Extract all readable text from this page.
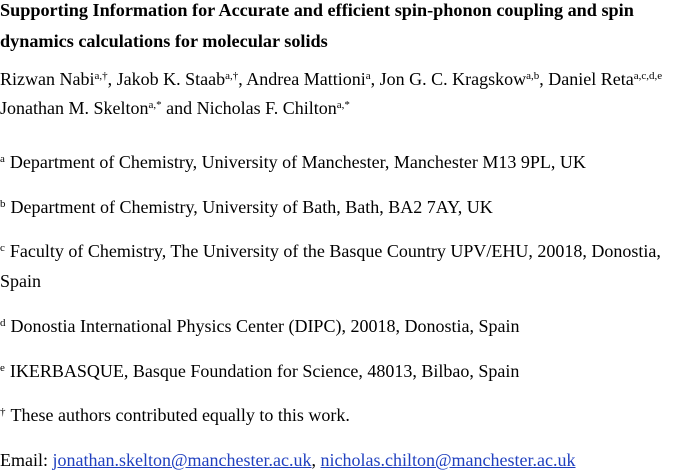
Supporting Information for Accurate and efficient spin-phonon coupling and spin

dynamics calculations for molecular solids

Rizwan Nabi$^{a,\dagger}$, Jakob K. Staab$^{a,\dagger}$, Andrea Mattioni$^a$, Jon G. C. Kragskow$^{a,b}$, Daniel Reta$^{a,c,d,e}$

Jonathan M. Skelton$^{a,*}$ and Nicholas F. Chilton$^{a,*}$

$^a$ Department of Chemistry, University of Manchester, Manchester M13 9PL, UK

$^b$ Department of Chemistry, University of Bath, Bath, BA2 7AY, UK

$^c$ Faculty of Chemistry, The University of the Basque Country UPV/EHU, 20018, Donostia,

Spain

$^d$ Donostia International Physics Center (DIPC), 20018, Donostia, Spain

$^e$ IKERBASQUE, Basque Foundation for Science, 48013, Bilbao, Spain

† These authors contributed equally to this work.

Email: jonathan.skelton@manchester.ac.uk, nicholas.chilton@manchester.ac.uk
